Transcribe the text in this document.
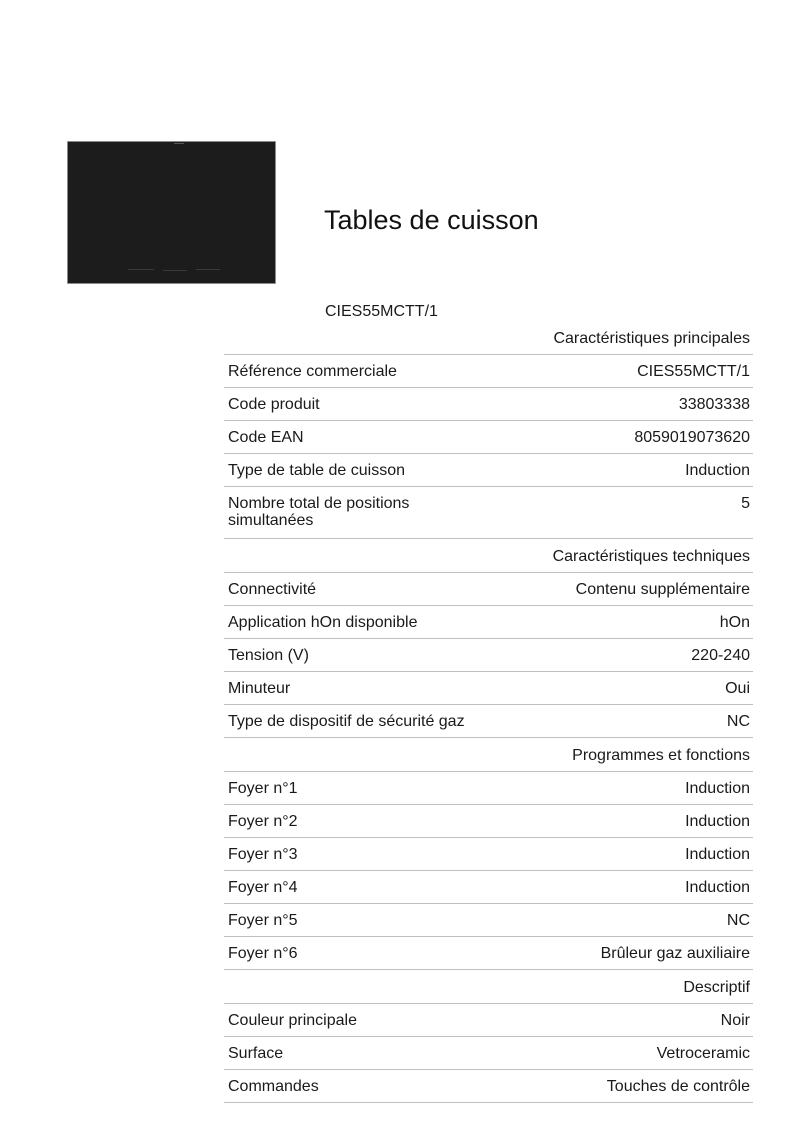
Tables de cuisson
CIES55MCTT/1
	Caractéristiques principales
Référence commerciale	CIES55MCTT/1
Code produit	33803338
Code EAN	8059019073620
Type de table de cuisson	Induction
Nombre total de positions simultanées	5
	Caractéristiques techniques
Connectivité	Contenu supplémentaire
Application hOn disponible	hOn
Tension (V)	220-240
Minuteur	Oui
Type de dispositif de sécurité gaz	NC
	Programmes et fonctions
Foyer n°1	Induction
Foyer n°2	Induction
Foyer n°3	Induction
Foyer n°4	Induction
Foyer n°5	NC
Foyer n°6	Brûleur gaz auxiliaire
	Descriptif
Couleur principale	Noir
Surface	Vetroceramic
Commandes	Touches de contrôle
